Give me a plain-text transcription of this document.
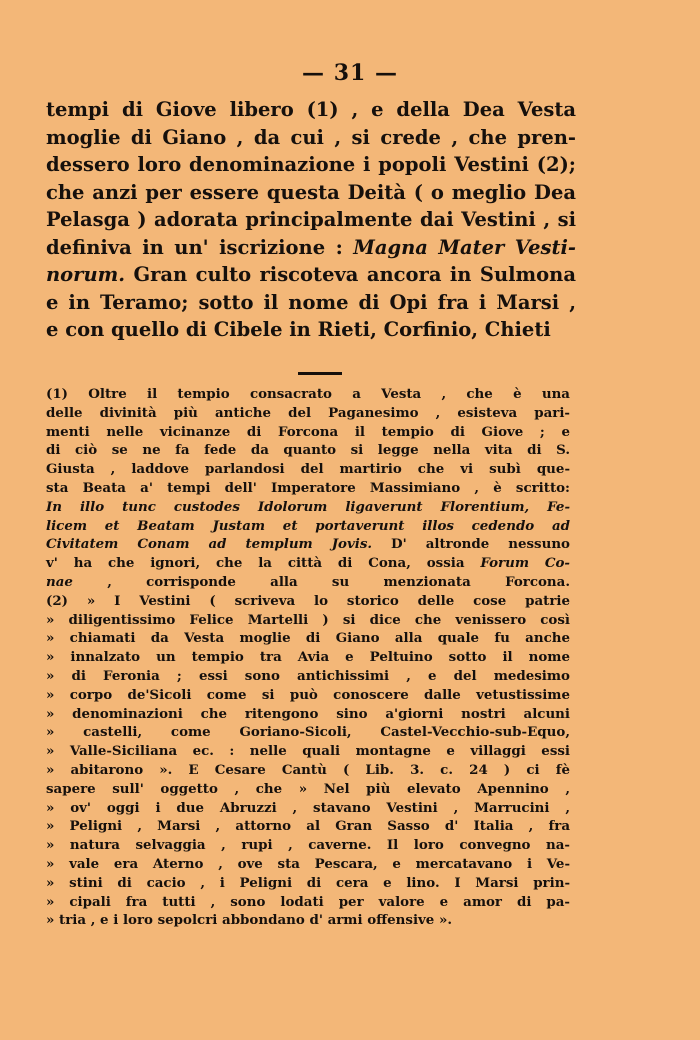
— 31 —
tempi di Giove libero (1) , e della Dea Vesta
moglie di Giano , da cui , si crede , che pren-
dessero loro denominazione i popoli Vestini (2);
che anzi per essere questa Deità ( o meglio Dea
Pelasga ) adorata principalmente dai Vestini , si
definiva in un' iscrizione : Magna Mater Vesti-
norum. Gran culto riscoteva ancora in Sulmona
e in Teramo; sotto il nome di Opi fra i Marsi ,
e con quello di Cibele in Rieti, Corfinio, Chieti
(1) Oltre il tempio consacrato a Vesta , che è una
delle divinità più antiche del Paganesimo , esisteva pari-
menti nelle vicinanze di Forcona il tempio di Giove ; e
di ciò se ne fa fede da quanto si legge nella vita di S.
Giusta , laddove parlandosi del martirio che vi subì que-
sta Beata a' tempi dell' Imperatore Massimiano , è scritto:
In illo tunc custodes Idolorum ligaverunt Florentium, Fe-
licem et Beatam Justam et portaverunt illos cedendo ad
Civitatem Conam ad templum Jovis. D' altronde nessuno
v' ha che ignori, che la città di Cona, ossia Forum Co-
nae , corrisponde alla su menzionata Forcona.
(2) » I Vestini ( scriveva lo storico delle cose patrie
» diligentissimo Felice Martelli ) si dice che venissero così
» chiamati da Vesta moglie di Giano alla quale fu anche
» innalzato un tempio tra Avia e Peltuino sotto il nome
» di Feronia ; essi sono antichissimi , e del medesimo
» corpo de'Sicoli come si può conoscere dalle vetustissime
» denominazioni che ritengono sino a'giorni nostri alcuni
» castelli, come Goriano-Sicoli, Castel-Vecchio-sub-Equo,
» Valle-Siciliana ec. : nelle quali montagne e villaggi essi
» abitarono ». E Cesare Cantù ( Lib. 3. c. 24 ) ci fè
sapere sull' oggetto , che » Nel più elevato Apennino ,
» ov' oggi i due Abruzzi , stavano Vestini , Marrucini ,
» Peligni , Marsi , attorno al Gran Sasso d' Italia , fra
» natura selvaggia , rupi , caverne. Il loro convegno na-
» vale era Aterno , ove sta Pescara, e mercatavano i Ve-
» stini di cacio , i Peligni di cera e lino. I Marsi prin-
» cipali fra tutti , sono lodati per valore e amor di pa-
» tria , e i loro sepolcri abbondano d' armi offensive ».
